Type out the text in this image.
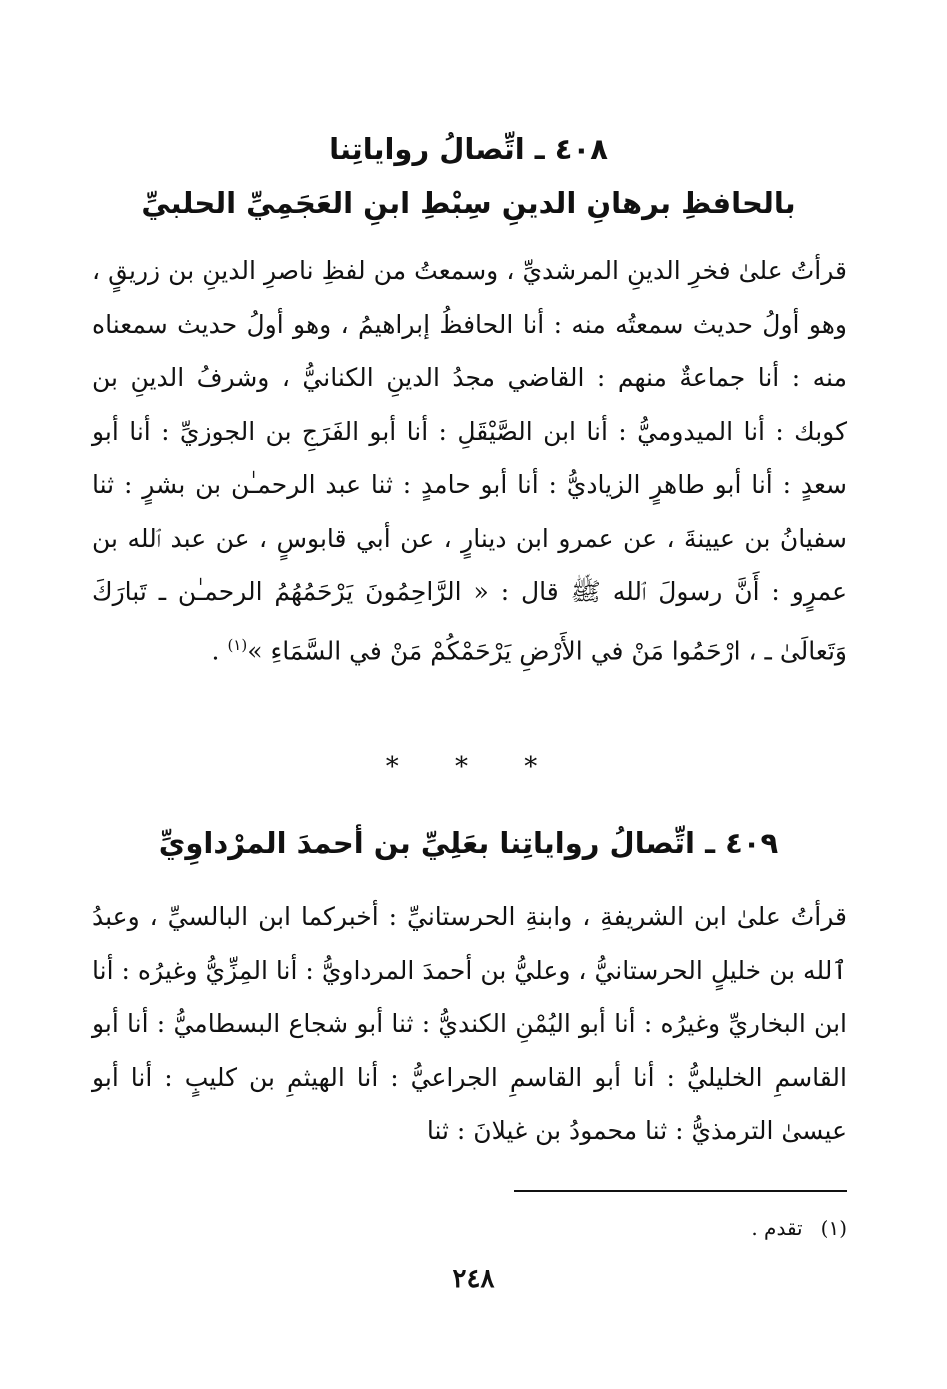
٤٠٨ ـ اتِّصالُ رواياتِنا
بالحافظِ برهانِ الدينِ سِبْطِ ابنِ العَجَمِيِّ الحلبيِّ

قرأتُ علىٰ فخرِ الدينِ المرشديِّ ، وسمعتُ من لفظِ ناصرِ الدينِ بن زريقٍ ، وهو أولُ حديث سمعتُه منه : أنا الحافظُ إبراهيمُ ، وهو أولُ حديث سمعناه منه : أنا جماعةٌ منهم : القاضي مجدُ الدينِ الكنانيُّ ، وشرفُ الدينِ بن كوبك : أنا الميدوميُّ : أنا ابن الصَّيْقَلِ : أنا أبو الفَرَجِ بن الجوزيِّ : أنا أبو سعدٍ : أنا أبو طاهرٍ الزياديُّ : أنا أبو حامدٍ : ثنا عبد الرحمـٰن بن بشرٍ : ثنا سفيانُ بن عيينةَ ، عن عمرو ابن دينارٍ ، عن أبي قابوسٍ ، عن عبد ٱلله بن عمرٍو : أَنَّ رسولَ ٱلله ﷺ قال : « الرَّاحِمُونَ يَرْحَمُهُمُ الرحمـٰن ـ تَبارَكَ وَتَعالَىٰ ـ ، ارْحَمُوا مَنْ في الأَرْضِ يَرْحَمْكُمْ مَنْ في السَّمَاءِ »$^{(١)}$ .

* * *
٤٠٩ ـ اتِّصالُ رواياتِنا بعَلِيِّ بن أحمدَ المرْداوِيِّ

قرأتُ علىٰ ابن الشريفةِ ، وابنةِ الحرستانيِّ : أخبركما ابن البالسيِّ ، وعبدُ ٱلله بن خليلٍ الحرستانيُّ ، وعليُّ بن أحمدَ المرداويُّ : أنا المِزِّيُّ وغيرُه : أنا ابن البخاريِّ وغيرُه : أنا أبو اليُمْنِ الكنديُّ : ثنا أبو شجاع البسطاميُّ : أنا أبو القاسمِ الخليليُّ : أنا أبو القاسمِ الجراعيُّ : أنا الهيثمِ بن كليبٍ : أنا أبو عيسىٰ الترمذيُّ : ثنا محمودُ بن غيلانَ : ثنا

(١)تقدم .

٢٤٨
